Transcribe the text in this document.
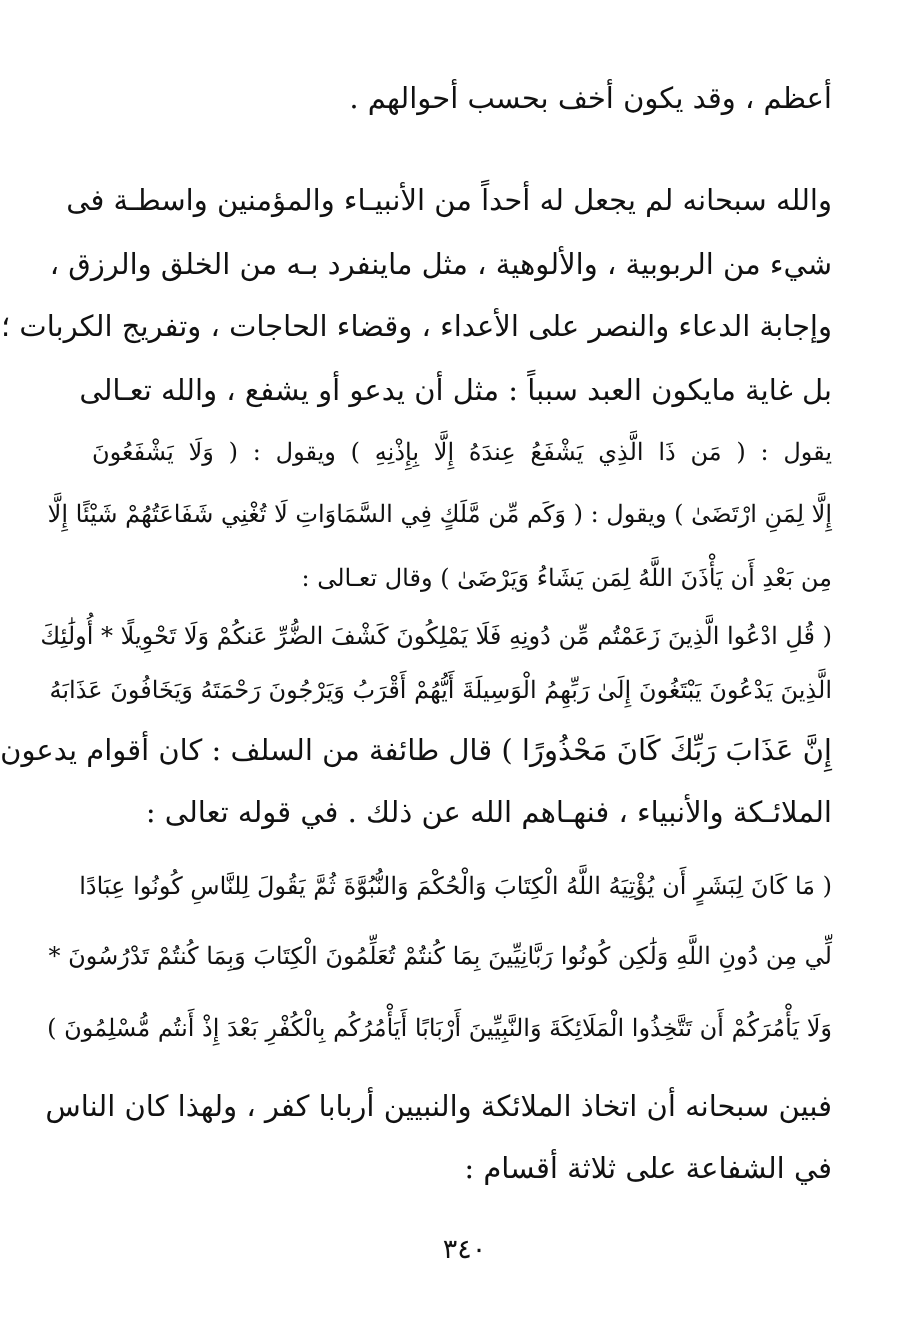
أعظم ، وقد يكون أخف بحسب أحوالهم .
والله سبحانه لم يجعل له أحداً من الأنبيـاء والمؤمنين واسطـة فى
شيء من الربوبية ، والألوهية ، مثل ماينفرد بـه من الخلق والرزق ،
وإجابة الدعاء والنصر على الأعداء ، وقضاء الحاجات ، وتفريج الكربات ؛
بل غاية مايكون العبد سبباً : مثل أن يدعو أو يشفع ، والله تعـالى
يقول : ( مَن ذَا الَّذِي يَشْفَعُ عِندَهُ إِلَّا بِإِذْنِهِ ) ويقول : ( وَلَا يَشْفَعُونَ
إِلَّا لِمَنِ ارْتَضَىٰ ) ويقول : ( وَكَم مِّن مَّلَكٍ فِي السَّمَاوَاتِ لَا تُغْنِي شَفَاعَتُهُمْ شَيْئًا إِلَّا
مِن بَعْدِ أَن يَأْذَنَ اللَّهُ لِمَن يَشَاءُ وَيَرْضَىٰ ) وقال تعـالى :
( قُلِ ادْعُوا الَّذِينَ زَعَمْتُم مِّن دُونِهِ فَلَا يَمْلِكُونَ كَشْفَ الضُّرِّ عَنكُمْ وَلَا تَحْوِيلًا * أُولَٰئِكَ
الَّذِينَ يَدْعُونَ يَبْتَغُونَ إِلَىٰ رَبِّهِمُ الْوَسِيلَةَ أَيُّهُمْ أَقْرَبُ وَيَرْجُونَ رَحْمَتَهُ وَيَخَافُونَ عَذَابَهُ
إِنَّ عَذَابَ رَبِّكَ كَانَ مَحْذُورًا ) قال طائفة من السلف : كان أقوام يدعون
الملائـكة والأنبياء ، فنهـاهم الله عن ذلك . في قوله تعالى :
( مَا كَانَ لِبَشَرٍ أَن يُؤْتِيَهُ اللَّهُ الْكِتَابَ وَالْحُكْمَ وَالنُّبُوَّةَ ثُمَّ يَقُولَ لِلنَّاسِ كُونُوا عِبَادًا
لِّي مِن دُونِ اللَّهِ وَلَٰكِن كُونُوا رَبَّانِيِّينَ بِمَا كُنتُمْ تُعَلِّمُونَ الْكِتَابَ وَبِمَا كُنتُمْ تَدْرُسُونَ *
وَلَا يَأْمُرَكُمْ أَن تَتَّخِذُوا الْمَلَائِكَةَ وَالنَّبِيِّينَ أَرْبَابًا أَيَأْمُرُكُم بِالْكُفْرِ بَعْدَ إِذْ أَنتُم مُّسْلِمُونَ )
فبين سبحانه أن اتخاذ الملائكة والنبيين أربابا كفر ، ولهذا كان الناس
في الشفاعة على ثلاثة أقسام :
٣٤٠
